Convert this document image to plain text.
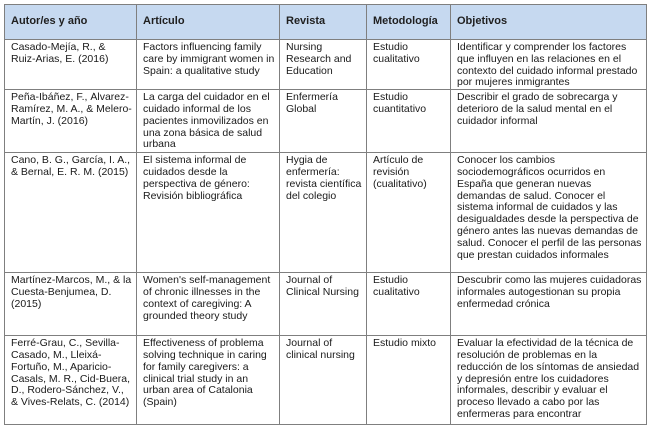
Autor/es y año	Artículo	Revista	Metodología	Objetivos

Casado-Mejía, R., & Ruiz-Arias, E. (2016)	Factors influencing family care by immigrant women in Spain: a qualitative study	Nursing Research and Education	Estudio cualitativo	Identificar y comprender los factores que influyen en las relaciones en el contexto del cuidado informal prestado por mujeres inmigrantes

Peña-Ibáñez, F., Álvarez-Ramírez, M. A., & Melero-Martín, J. (2016)	La carga del cuidador en el cuidado informal de los pacientes inmovilizados en una zona básica de salud urbana	Enfermería Global	Estudio cuantitativo	Describir el grado de sobrecarga y deterioro de la salud mental en el cuidador informal

Cano, B. G., García, I. A., & Bernal, E. R. M. (2015)	El sistema informal de cuidados desde la perspectiva de género: Revisión bibliográfica	Hygia de enfermería: revista científica del colegio	Artículo de revisión (cualitativo)	Conocer los cambios sociodemográficos ocurridos en España que generan nuevas demandas de salud. Conocer el sistema informal de cuidados y las desigualdades desde la perspectiva de género antes las nuevas demandas de salud. Conocer el perfil de las personas que prestan cuidados informales

Martínez-Marcos, M., & la Cuesta-Benjumea, D. (2015)	Women's self-management of chronic illnesses in the context of caregiving: A grounded theory study	Journal of Clinical Nursing	Estudio cualitativo	Descubrir como las mujeres cuidadoras informales autogestionan su propia enfermedad crónica

Ferré-Grau, C., Sevilla-Casado, M., Lleixá-Fortuño, M., Aparicio-Casals, M. R., Cid-Buera, D., Rodero-Sánchez, V., & Vives-Relats, C. (2014)	Effectiveness of problema solving technique in caring for family caregivers: a clinical trial study in an urban area of Catalonia (Spain)	Journal of clinical nursing	Estudio mixto	Evaluar la efectividad de la técnica de resolución de problemas en la reducción de los síntomas de ansiedad y depresión entre los cuidadores informales, describir y evaluar el proceso llevado a cabo por las enfermeras para encontrar
